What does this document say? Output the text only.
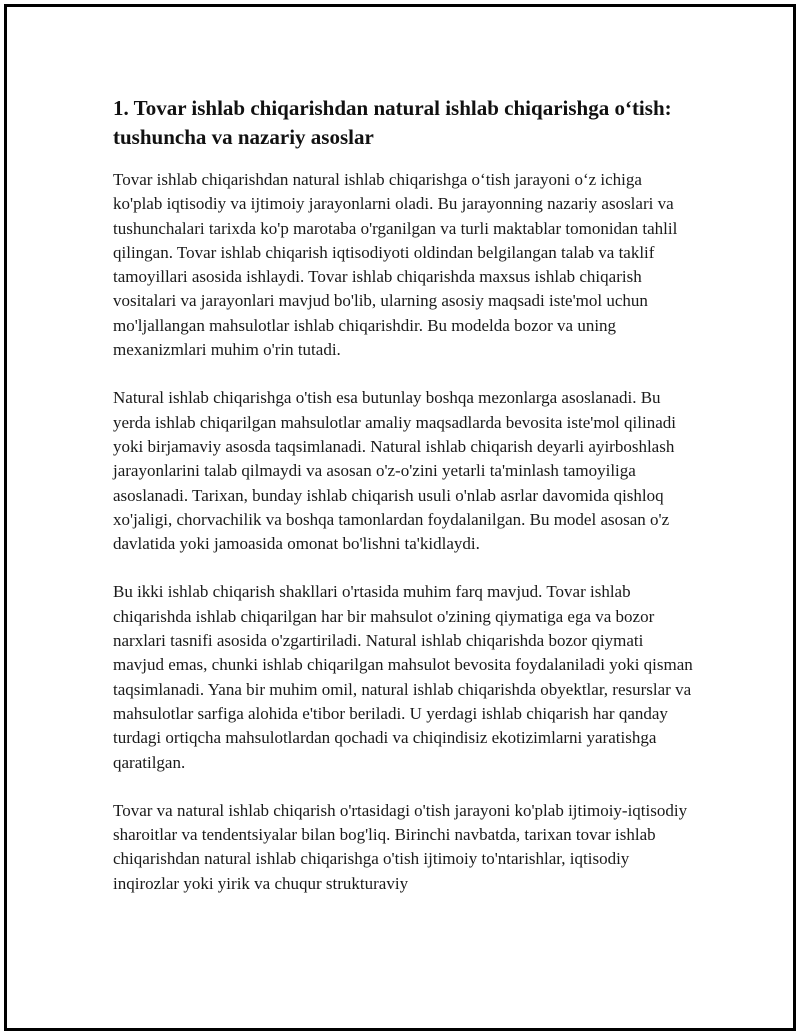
1. Tovar ishlab chiqarishdan natural ishlab chiqarishga o‘tish: tushuncha va nazariy asoslar

Tovar ishlab chiqarishdan natural ishlab chiqarishga o‘tish jarayoni o‘z ichiga ko'plab iqtisodiy va ijtimoiy jarayonlarni oladi. Bu jarayonning nazariy asoslari va tushunchalari tarixda ko'p marotaba o'rganilgan va turli maktablar tomonidan tahlil qilingan. Tovar ishlab chiqarish iqtisodiyoti oldindan belgilangan talab va taklif tamoyillari asosida ishlaydi. Tovar ishlab chiqarishda maxsus ishlab chiqarish vositalari va jarayonlari mavjud bo'lib, ularning asosiy maqsadi iste'mol uchun mo'ljallangan mahsulotlar ishlab chiqarishdir. Bu modelda bozor va uning mexanizmlari muhim o'rin tutadi.

Natural ishlab chiqarishga o'tish esa butunlay boshqa mezonlarga asoslanadi. Bu yerda ishlab chiqarilgan mahsulotlar amaliy maqsadlarda bevosita iste'mol qilinadi yoki birjamaviy asosda taqsimlanadi. Natural ishlab chiqarish deyarli ayirboshlash jarayonlarini talab qilmaydi va asosan o'z-o'zini yetarli ta'minlash tamoyiliga asoslanadi. Tarixan, bunday ishlab chiqarish usuli o'nlab asrlar davomida qishloq xo'jaligi, chorvachilik va boshqa tamonlardan foydalanilgan. Bu model asosan o'z davlatida yoki jamoasida omonat bo'lishni ta'kidlaydi.

Bu ikki ishlab chiqarish shakllari o'rtasida muhim farq mavjud. Tovar ishlab chiqarishda ishlab chiqarilgan har bir mahsulot o'zining qiymatiga ega va bozor narxlari tasnifi asosida o'zgartiriladi. Natural ishlab chiqarishda bozor qiymati mavjud emas, chunki ishlab chiqarilgan mahsulot bevosita foydalaniladi yoki qisman taqsimlanadi. Yana bir muhim omil, natural ishlab chiqarishda obyektlar, resurslar va mahsulotlar sarfiga alohida e'tibor beriladi. U yerdagi ishlab chiqarish har qanday turdagi ortiqcha mahsulotlardan qochadi va chiqindisiz ekotizimlarni yaratishga qaratilgan.

Tovar va natural ishlab chiqarish o'rtasidagi o'tish jarayoni ko'plab ijtimoiy-iqtisodiy sharoitlar va tendentsiyalar bilan bog'liq. Birinchi navbatda, tarixan tovar ishlab chiqarishdan natural ishlab chiqarishga o'tish ijtimoiy to'ntarishlar, iqtisodiy inqirozlar yoki yirik va chuqur strukturaviy
